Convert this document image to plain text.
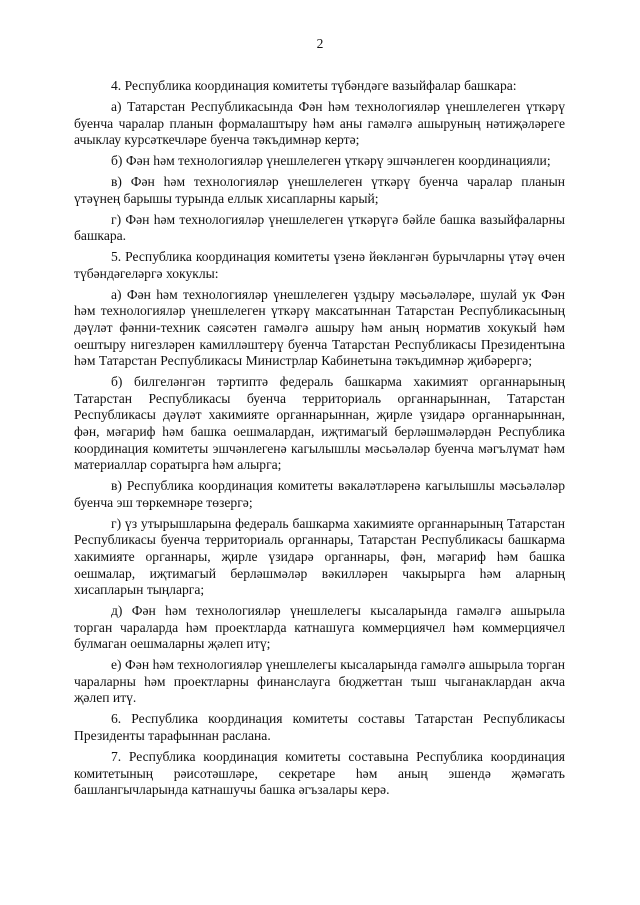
2

4. Республика координация комитеты түбәндәге вазыйфалар башкара:

а) Татарстан Республикасында Фән һәм технологияләр үнешлелеген үткәрү буенча чаралар планын формалаштыру һәм аны гамәлгә ашыруның нәтиҗәләреге ачыклау курсәткечләре буенча тәкъдимнәр кертә;

б) Фән һәм технологияләр үнешлелеген үткәрү эшчәнлеген координацияли;

в) Фән һәм технологияләр үнешлелеген үткәрү буенча чаралар планын үтәүнең барышы турында еллык хисапларны карый;

г) Фән һәм технологияләр үнешлелеген үткәрүгә бәйле башка вазыйфаларны башкара.

5. Республика координация комитеты үзенә йөкләнгән бурычларны үтәү өчен түбәндәгеләргә хокуклы:

а) Фән һәм технологияләр үнешлелеген үздыру мәсьәләләре, шулай ук Фән һәм технологияләр үнешлелеген үткәрү максатыннан Татарстан Республикасының дәүләт фәнни-техник сәясәтен гамәлгә ашыру һәм аның норматив хокукый һәм оештыру нигезләрен камилләштерү буенча Татарстан Республикасы Президентына һәм Татарстан Республикасы Министрлар Кабинетына тәкъдимнәр җибәрергә;

б) билгеләнгән тәртиптә федераль башкарма хакимият органнарының Татарстан Республикасы буенча территориаль органнарыннан, Татарстан Республикасы дәүләт хакимияте органнарыннан, җирле үзидарә органнарыннан, фән, мәгариф һәм башка оешмалардан, иҗтимагый берләшмәләрдән Республика координация комитеты эшчәнлегенә кагылышлы мәсьәләләр буенча мәгълүмат һәм материаллар соратырга һәм алырга;

в) Республика координация комитеты вәкаләтләренә кагылышлы мәсьәләләр буенча эш төркемнәре төзергә;

г) үз утырышларына федераль башкарма хакимияте органнарының Татарстан Республикасы буенча территориаль органнары, Татарстан Республикасы башкарма хакимияте органнары, җирле үзидарә органнары, фән, мәгариф һәм башка оешмалар, иҗтимагый берләшмәләр вәкилләрен чакырырга һәм аларның хисапларын тыңларга;

д) Фән һәм технологияләр үнешлелегы кысаларында гамәлгә ашырыла торган чараларда һәм проектларда катнашуга коммерциячел һәм коммерциячел булмаган оешмаларны җәлеп итү;

е) Фән һәм технологияләр үнешлелегы кысаларында гамәлгә ашырыла торган чараларны һәм проектларны финанслауга бюджеттан тыш чыганаклардан акча җәлеп итү.

6. Республика координация комитеты составы Татарстан Республикасы Президенты тарафыннан раслана.

7. Республика координация комитеты составына Республика координация комитетының рәисотәшләре, секретаре һәм аның эшендә җәмәгать башлангычларында катнашучы башка әгъзалары керә.
